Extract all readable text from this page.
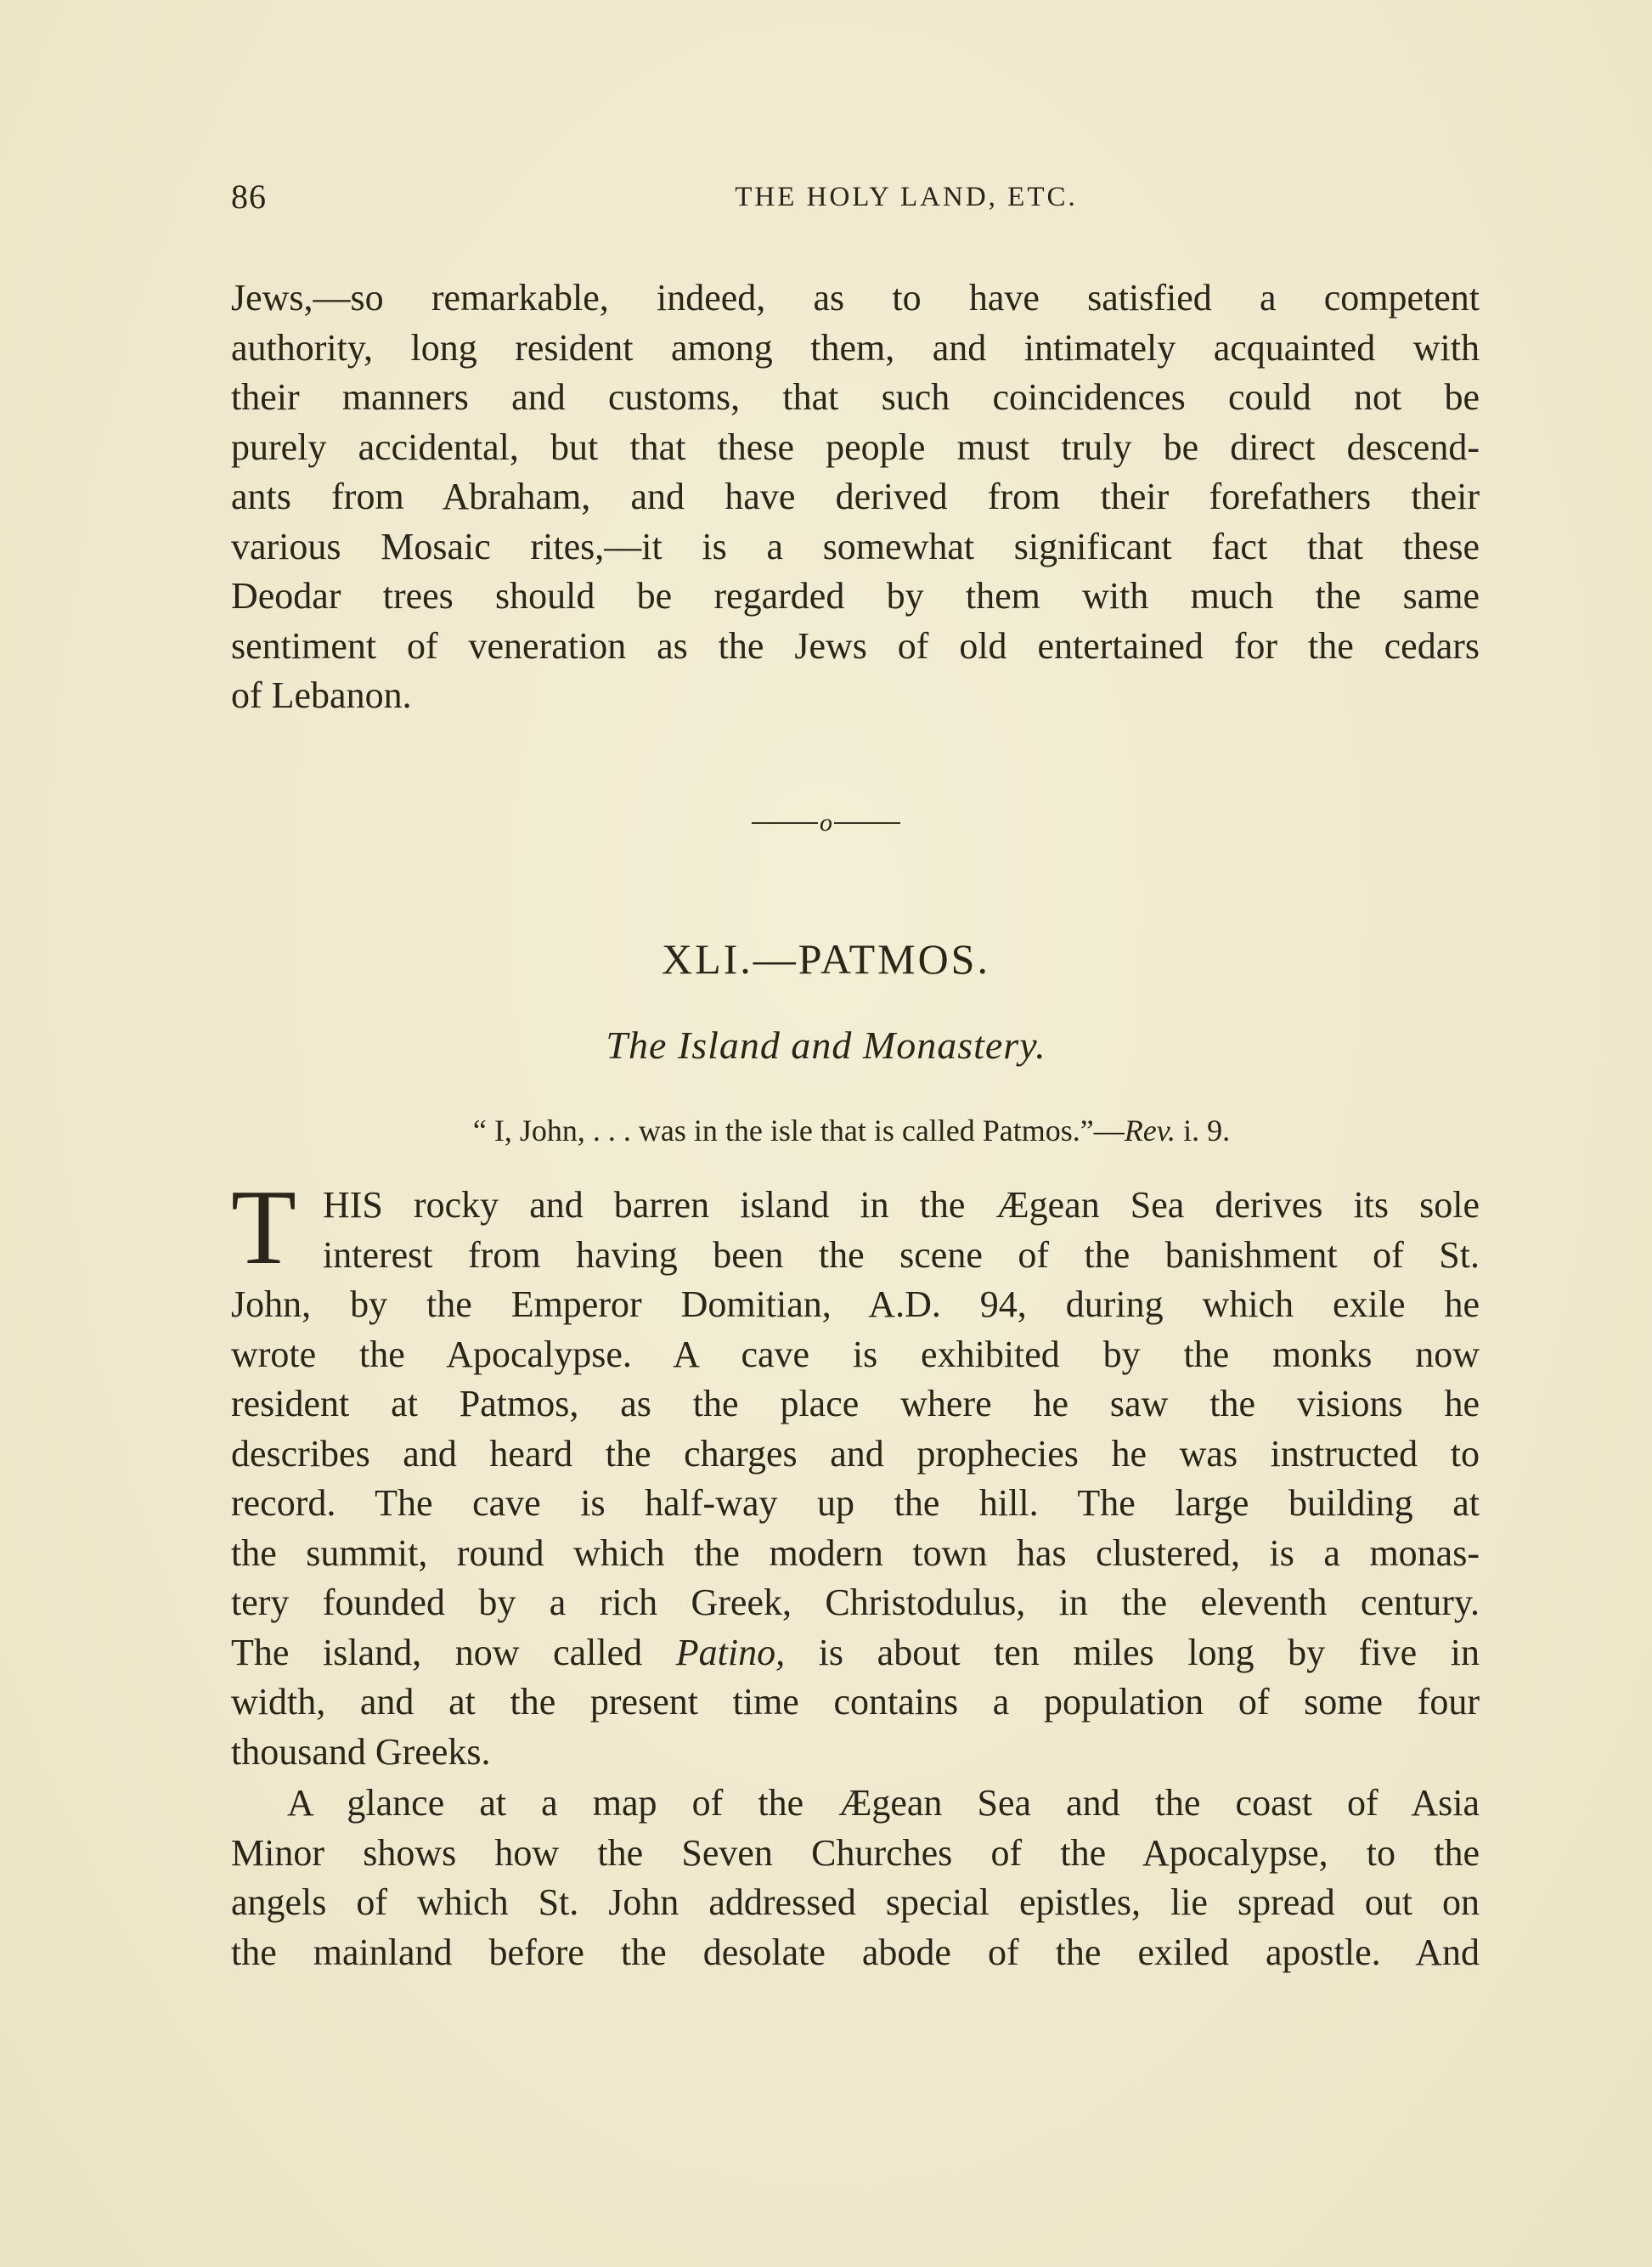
86	THE HOLY LAND, ETC.
Jews,—so remarkable, indeed, as to have satisfied a competent
authority, long resident among them, and intimately acquainted with
their manners and customs, that such coincidences could not be
purely accidental, but that these people must truly be direct descend-
ants from Abraham, and have derived from their forefathers their
various Mosaic rites,—it is a somewhat significant fact that these
Deodar trees should be regarded by them with much the same
sentiment of veneration as the Jews of old entertained for the cedars
of Lebanon.
o
XLI.—PATMOS.
The Island and Monastery.
“ I, John, . . . was in the isle that is called Patmos.”—Rev. i. 9.
T HIS rocky and barren island in the Ægean Sea derives its sole
interest from having been the scene of the banishment of St.
John, by the Emperor Domitian, A.D. 94, during which exile he
wrote the Apocalypse. A cave is exhibited by the monks now
resident at Patmos, as the place where he saw the visions he
describes and heard the charges and prophecies he was instructed to
record. The cave is half-way up the hill. The large building at
the summit, round which the modern town has clustered, is a monas-
tery founded by a rich Greek, Christodulus, in the eleventh century.
The island, now called Patino, is about ten miles long by five in
width, and at the present time contains a population of some four
thousand Greeks.
A glance at a map of the Ægean Sea and the coast of Asia
Minor shows how the Seven Churches of the Apocalypse, to the
angels of which St. John addressed special epistles, lie spread out on
the mainland before the desolate abode of the exiled apostle. And
